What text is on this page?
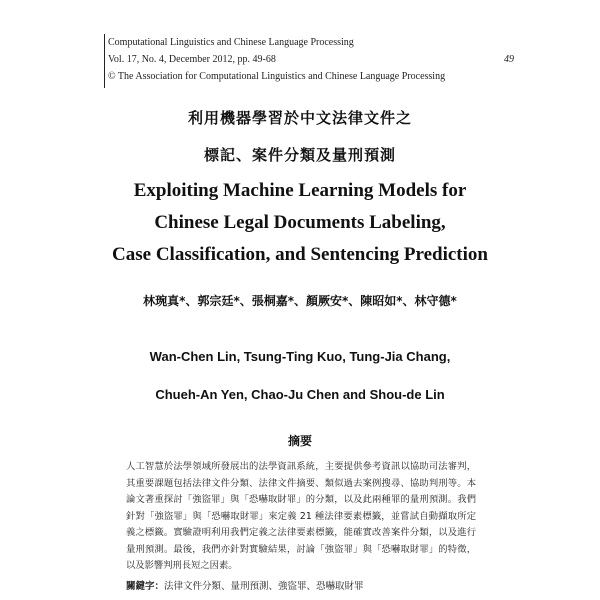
Computational Linguistics and Chinese Language Processing
Vol. 17, No. 4, December 2012, pp. 49-68
© The Association for Computational Linguistics and Chinese Language Processing
49
利用機器學習於中文法律文件之
標記、案件分類及量刑預測
Exploiting Machine Learning Models for
Chinese Legal Documents Labeling,
Case Classification, and Sentencing Prediction
林琬真*、郭宗廷*、張桐嘉*、顏厥安*、陳昭如*、林守德*
Wan-Chen Lin, Tsung-Ting Kuo, Tung-Jia Chang,
Chueh-An Yen, Chao-Ju Chen and Shou-de Lin
摘要
人工智慧於法學領域所發展出的法學資訊系統，主要提供參考資訊以協助司法審判，其重要課題包括法律文件分類、法律文件摘要、類似過去案例搜尋、協助判刑等。本論文著重探討「強盜罪」與「恐嚇取財罪」的分類，以及此兩種罪的量刑預測。我們針對「強盜罪」與「恐嚇取財罪」來定義 21 種法律要素標籤，並嘗試自動擷取所定義之標籤。實驗證明利用我們定義之法律要素標籤，能確實改善案件分類，以及進行量刑預測。最後，我們亦針對實驗結果，討論「強盜罪」與「恐嚇取財罪」的特徵，以及影響判刑長短之因素。
關鍵字：法律文件分類、量刑預測、強盜罪、恐嚇取財罪
